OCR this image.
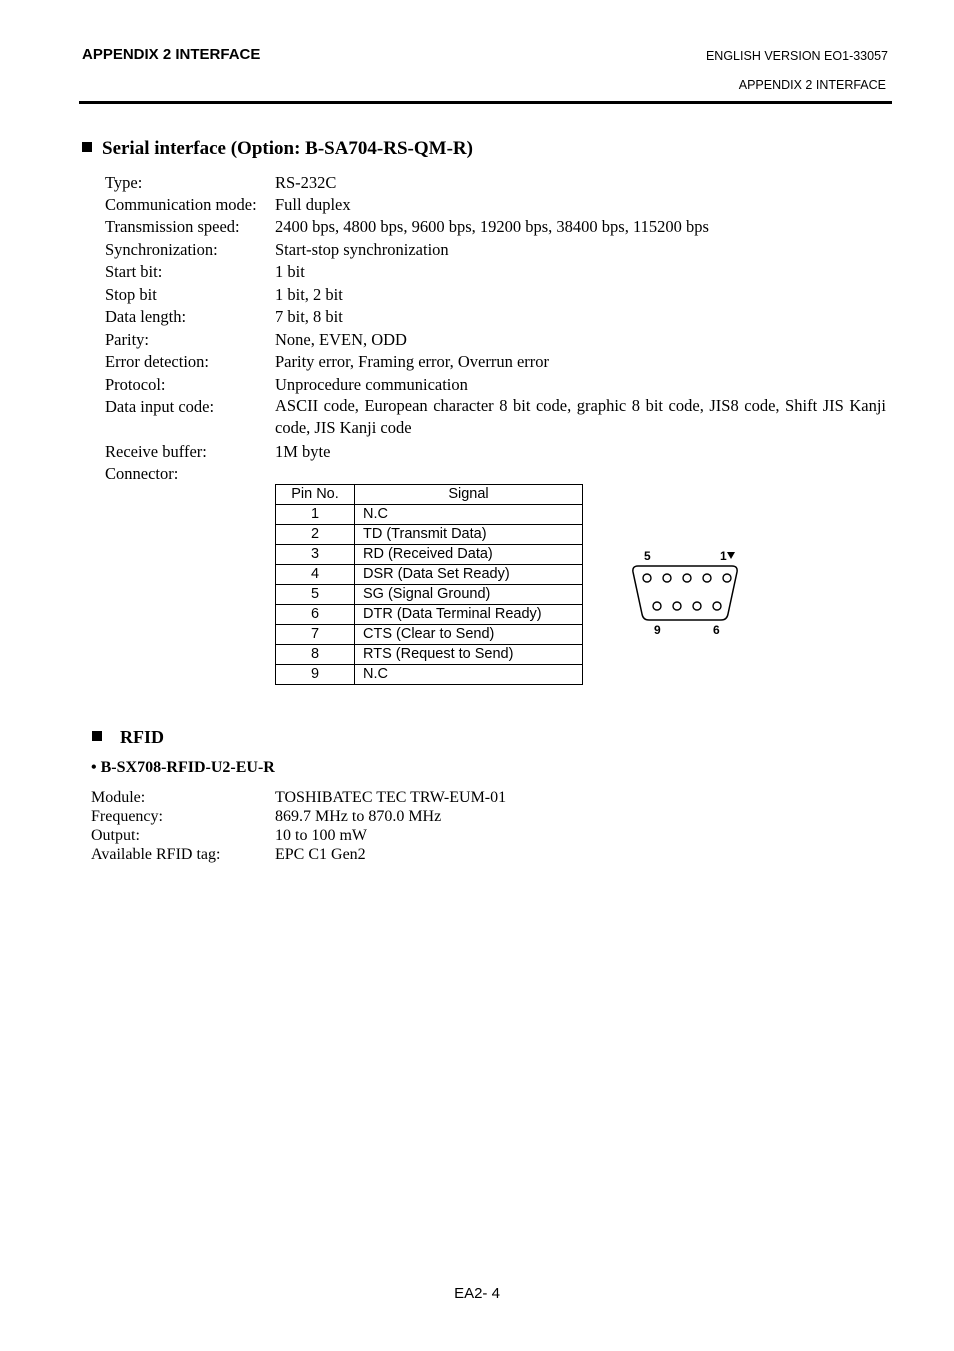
APPENDIX 2 INTERFACE	ENGLISH VERSION EO1-33057
APPENDIX 2 INTERFACE
Serial interface (Option: B-SA704-RS-QM-R)
Type:	RS-232C
Communication mode: Full duplex
Transmission speed: 2400 bps, 4800 bps, 9600 bps, 19200 bps, 38400 bps, 115200 bps
Synchronization:	Start-stop synchronization
Start bit:	1 bit
Stop bit	1 bit, 2 bit
Data length:	7 bit, 8 bit
Parity:	None, EVEN, ODD
Error detection:	Parity error, Framing error, Overrun error
Protocol:	Unprocedure communication
Data input code:	ASCII code, European character 8 bit code, graphic 8 bit code, JIS8 code, Shift JIS Kanji code, JIS Kanji code
Receive buffer:	1M byte
Connector:
Pin No.	Signal
1	N.C
2	TD (Transmit Data)
3	RD (Received Data)
4	DSR (Data Set Ready)
5	SG (Signal Ground)
6	DTR (Data Terminal Ready)
7	CTS (Clear to Send)
8	RTS (Request to Send)
9	N.C
5	1
9	6
RFID
• B-SX708-RFID-U2-EU-R
Module:	TOSHIBATEC TEC TRW-EUM-01
Frequency:	869.7 MHz to 870.0 MHz
Output:	10 to 100 mW
Available RFID tag:	EPC C1 Gen2
EA2- 4
